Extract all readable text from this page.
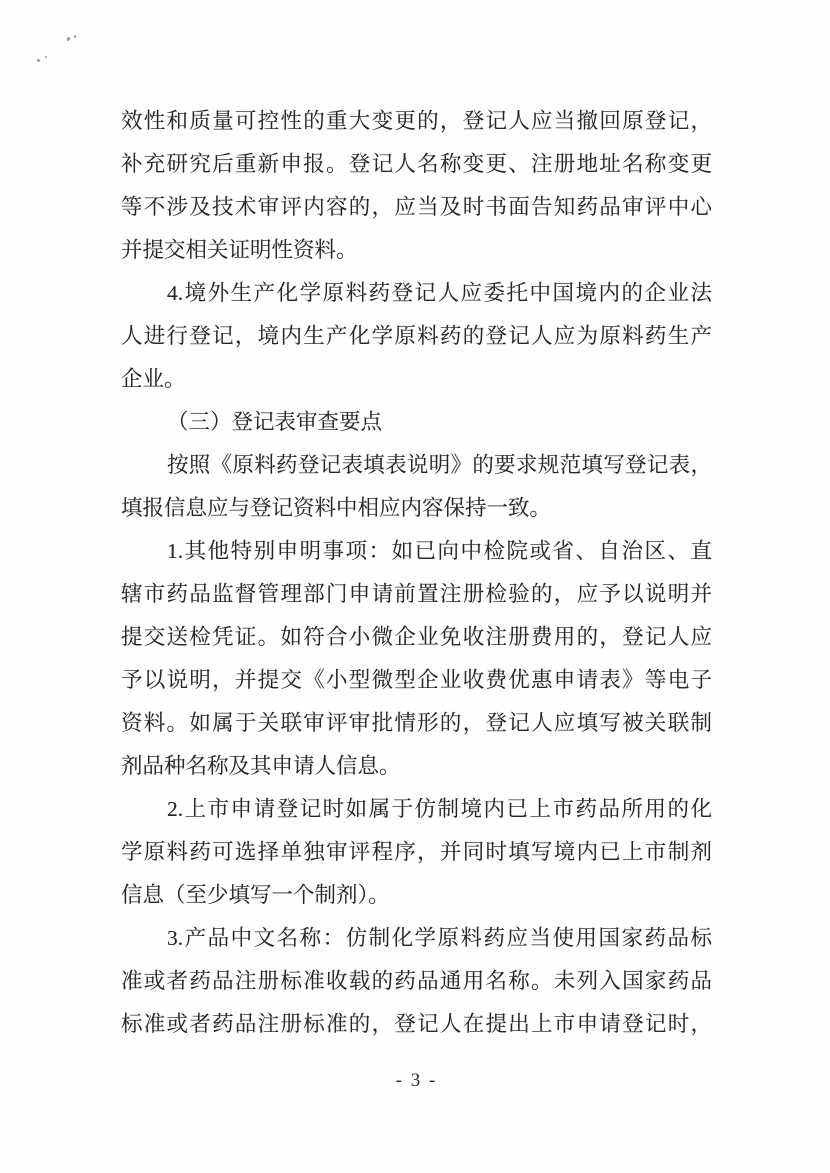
效性和质量可控性的重大变更的，登记人应当撤回原登记，
补充研究后重新申报。登记人名称变更、注册地址名称变更
等不涉及技术审评内容的，应当及时书面告知药品审评中心
并提交相关证明性资料。
4.境外生产化学原料药登记人应委托中国境内的企业法
人进行登记，境内生产化学原料药的登记人应为原料药生产
企业。
（三）登记表审查要点
按照《原料药登记表填表说明》的要求规范填写登记表，
填报信息应与登记资料中相应内容保持一致。
1.其他特别申明事项：如已向中检院或省、自治区、直
辖市药品监督管理部门申请前置注册检验的，应予以说明并
提交送检凭证。如符合小微企业免收注册费用的，登记人应
予以说明，并提交《小型微型企业收费优惠申请表》等电子
资料。如属于关联审评审批情形的，登记人应填写被关联制
剂品种名称及其申请人信息。
2.上市申请登记时如属于仿制境内已上市药品所用的化
学原料药可选择单独审评程序，并同时填写境内已上市制剂
信息（至少填写一个制剂）。
3.产品中文名称：仿制化学原料药应当使用国家药品标
准或者药品注册标准收载的药品通用名称。未列入国家药品
标准或者药品注册标准的，登记人在提出上市申请登记时，
- 3 -
